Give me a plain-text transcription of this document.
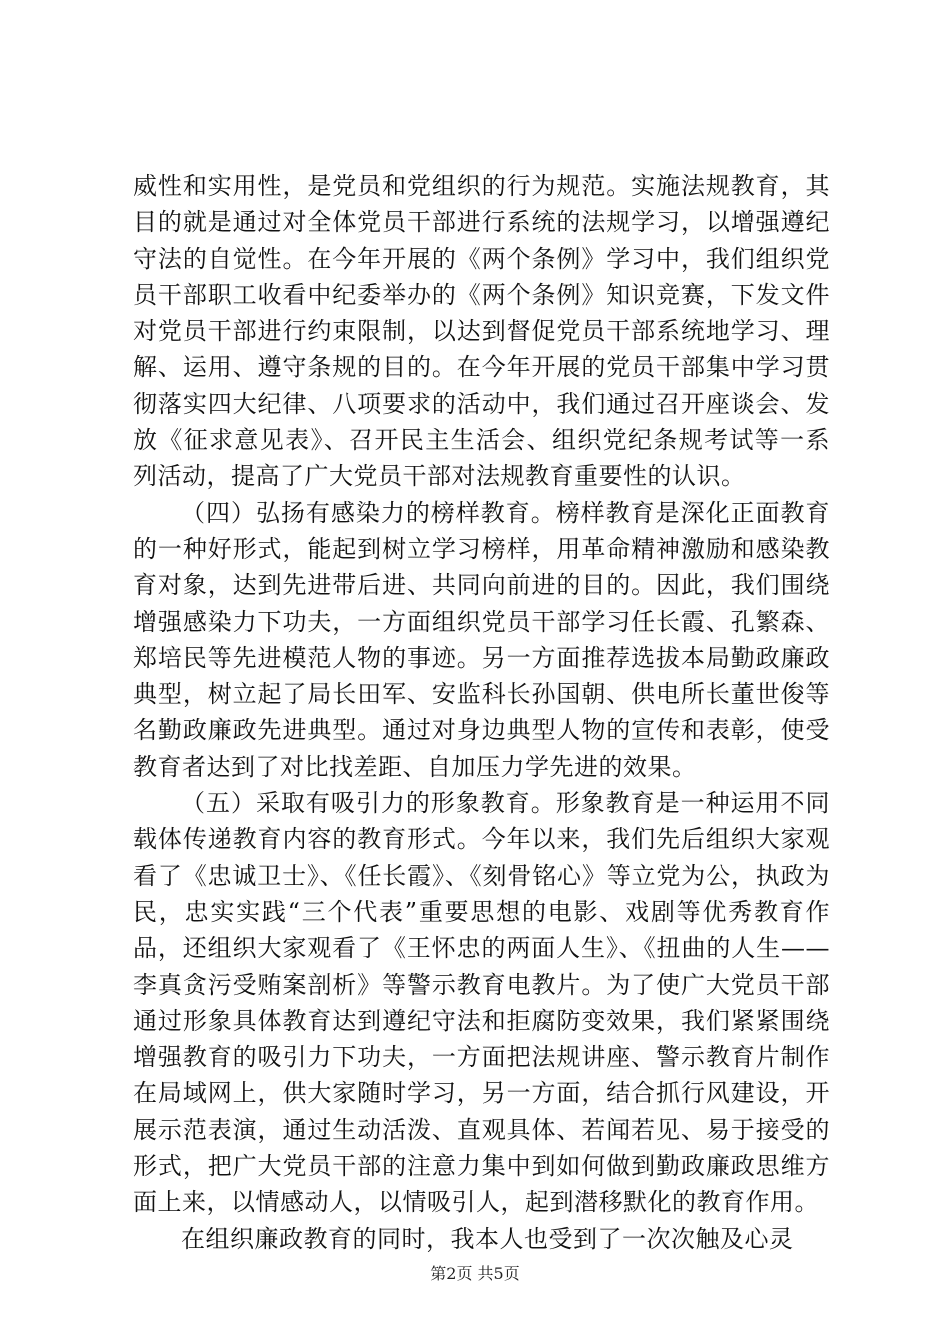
威性和实用性，是党员和党组织的行为规范。实施法规教育，其目的就是通过对全体党员干部进行系统的法规学习，以增强遵纪守法的自觉性。在今年开展的《两个条例》学习中，我们组织党员干部职工收看中纪委举办的《两个条例》知识竞赛，下发文件对党员干部进行约束限制，以达到督促党员干部系统地学习、理解、运用、遵守条规的目的。在今年开展的党员干部集中学习贯彻落实四大纪律、八项要求的活动中，我们通过召开座谈会、发放《征求意见表》、召开民主生活会、组织党纪条规考试等一系列活动，提高了广大党员干部对法规教育重要性的认识。

（四）弘扬有感染力的榜样教育。榜样教育是深化正面教育的一种好形式，能起到树立学习榜样，用革命精神激励和感染教育对象，达到先进带后进、共同向前进的目的。因此，我们围绕增强感染力下功夫，一方面组织党员干部学习任长霞、孔繁森、郑培民等先进模范人物的事迹。另一方面推荐选拔本局勤政廉政典型，树立起了局长田军、安监科长孙国朝、供电所长董世俊等名勤政廉政先进典型。通过对身边典型人物的宣传和表彰，使受教育者达到了对比找差距、自加压力学先进的效果。

（五）采取有吸引力的形象教育。形象教育是一种运用不同载体传递教育内容的教育形式。今年以来，我们先后组织大家观看了《忠诚卫士》、《任长霞》、《刻骨铭心》等立党为公，执政为民，忠实实践“三个代表”重要思想的电影、戏剧等优秀教育作品，还组织大家观看了《王怀忠的两面人生》、《扭曲的人生——李真贪污受贿案剖析》等警示教育电教片。为了使广大党员干部通过形象具体教育达到遵纪守法和拒腐防变效果，我们紧紧围绕增强教育的吸引力下功夫，一方面把法规讲座、警示教育片制作在局域网上，供大家随时学习，另一方面，结合抓行风建设，开展示范表演，通过生动活泼、直观具体、若闻若见、易于接受的形式，把广大党员干部的注意力集中到如何做到勤政廉政思维方面上来，以情感动人，以情吸引人，起到潜移默化的教育作用。

在组织廉政教育的同时，我本人也受到了一次次触及心灵

第2页 共5页
